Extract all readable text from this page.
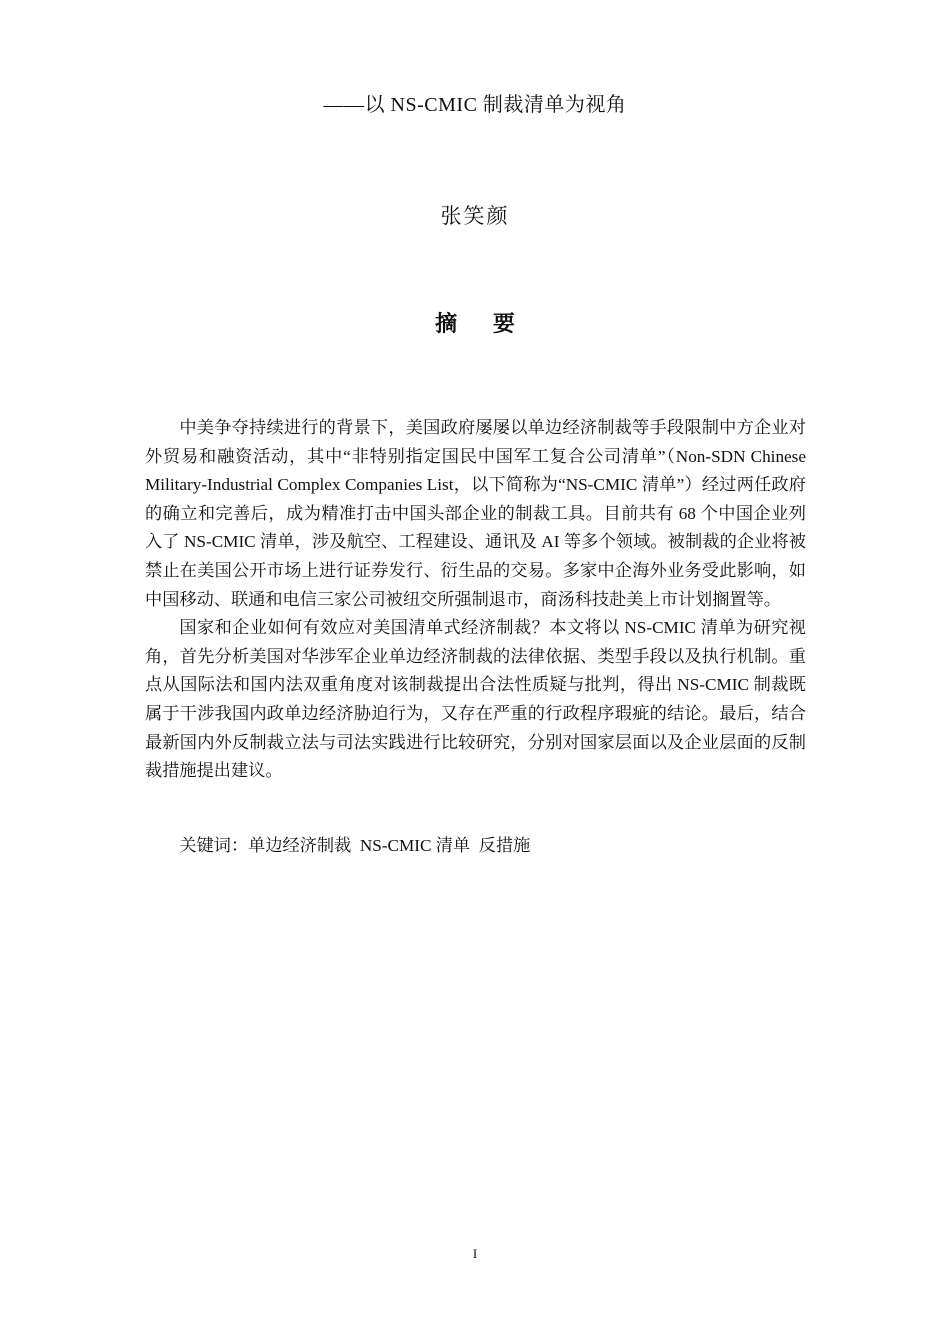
——以 NS-CMIC 制裁清单为视角
张笑颜
摘 要

中美争夺持续进行的背景下，美国政府屡屡以单边经济制裁等手段限制中方企业对外贸易和融资活动，其中“非特别指定国民中国军工复合公司清单”（Non-SDN Chinese Military-Industrial Complex Companies List，以下简称为“NS-CMIC 清单”）经过两任政府的确立和完善后，成为精准打击中国头部企业的制裁工具。目前共有 68 个中国企业列入了 NS-CMIC 清单，涉及航空、工程建设、通讯及 AI 等多个领域。被制裁的企业将被禁止在美国公开市场上进行证券发行、衍生品的交易。多家中企海外业务受此影响，如中国移动、联通和电信三家公司被纽交所强制退市，商汤科技赴美上市计划搁置等。

国家和企业如何有效应对美国清单式经济制裁？本文将以 NS-CMIC 清单为研究视角，首先分析美国对华涉军企业单边经济制裁的法律依据、类型手段以及执行机制。重点从国际法和国内法双重角度对该制裁提出合法性质疑与批判，得出 NS-CMIC 制裁既属于干涉我国内政单边经济胁迫行为，又存在严重的行政程序瑕疵的结论。最后，结合最新国内外反制裁立法与司法实践进行比较研究，分别对国家层面以及企业层面的反制裁措施提出建议。

关键词：单边经济制裁  NS-CMIC 清单  反措施
I
